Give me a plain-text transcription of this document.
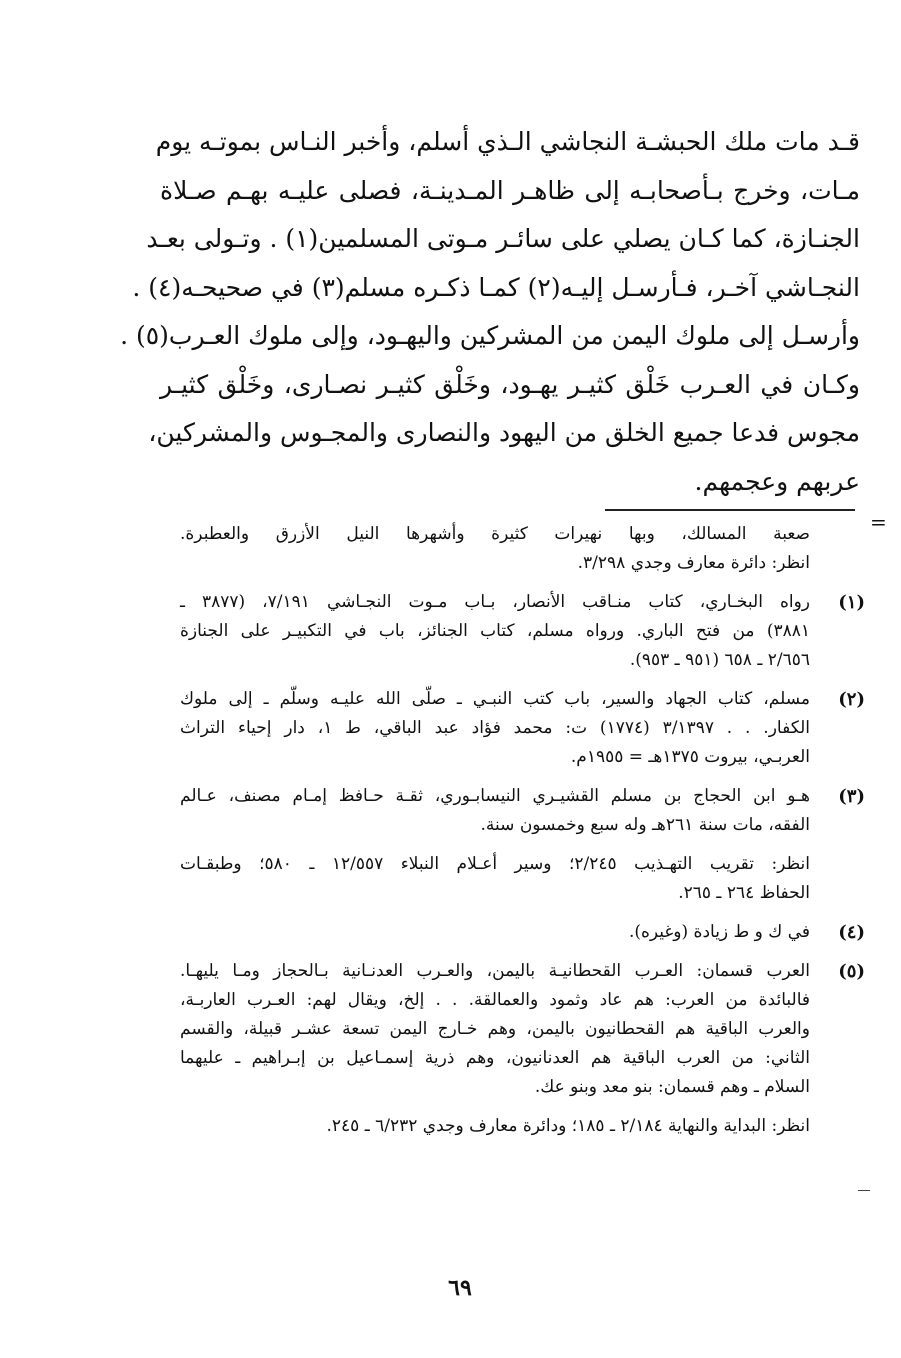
قـد مات ملك الحبشـة النجاشي الـذي أسلم، وأخبر النـاس بموتـه يوم
مـات، وخرج بـأصحابـه إلى ظاهـر المـدينـة، فصلى عليـه بهـم صـلاة
الجنـازة، كما كـان يصلي على سائـر مـوتى المسلمين(١) . وتـولى بعـد
النجـاشي آخـر، فـأرسـل إليـه(٢) كمـا ذكـره مسلم(٣) في صحيحـه(٤) .
وأرسـل إلى ملوك اليمن من المشركين واليهـود، وإلى ملوك العـرب(٥) .
وكـان في العـرب خَلْق كثيـر يهـود، وخَلْق كثيـر نصـارى، وخَلْق كثيـر
مجوس فدعا جميع الخلق من اليهود والنصارى والمجـوس والمشركين،
عربهم وعجمهم.
=
صعبة المسالك، وبها نهيرات كثيرة وأشهرها النيل الأزرق والعطبرة.
انظر: دائرة معارف وجدي ٣/٢٩٨.
(١)
رواه البخـاري، كتاب منـاقب الأنصار، بـاب مـوت النجـاشي ٧/١٩١، (٣٨٧٧ ـ
٣٨٨١) من فتح الباري. ورواه مسلم، كتاب الجنائز، باب في التكبيـر على الجنازة
٢/٦٥٦ ـ ٦٥٨ (٩٥١ ـ ٩٥٣).
(٢)
مسلم، كتاب الجهاد والسير، باب كتب النبـي ـ صلّى الله عليـه وسلّم ـ إلى ملوك
الكفار. . . ٣/١٣٩٧ (١٧٧٤) ت: محمد فؤاد عبد الباقي، ط ١، دار إحياء التراث
العربـي، بيروت ١٣٧٥هـ = ١٩٥٥م.
(٣)
هـو ابن الحجاج بن مسلم القشيـري النيسابـوري، ثقـة حـافظ إمـام مصنف، عـالم
الفقه، مات سنة ٢٦١هـ وله سبع وخمسون سنة.
انظر: تقريب التهـذيب ٢/٢٤٥؛ وسير أعـلام النبلاء ١٢/٥٥٧ ـ ٥٨٠؛ وطبقـات
الحفاظ ٢٦٤ ـ ٢٦٥.
(٤)
في ك و ط زيادة (وغيره).
(٥)
العرب قسمان: العـرب القحطانيـة باليمن، والعـرب العدنـانية بـالحجاز ومـا يليهـا.
فالبائدة من العرب: هم عاد وثمود والعمالقة. . . إلخ، ويقال لهم: العـرب العاربـة،
والعرب الباقية هم القحطانيون باليمن، وهم خـارج اليمن تسعة عشـر قبيلة، والقسم
الثاني: من العرب الباقية هم العدنانيون، وهم ذرية إسمـاعيل بن إبـراهيم ـ عليهما
السلام ـ وهم قسمان: بنو معد وبنو عك.
انظر: البداية والنهاية ٢/١٨٤ ـ ١٨٥؛ ودائرة معارف وجدي ٦/٢٣٢ ـ ٢٤٥.
٦٩
